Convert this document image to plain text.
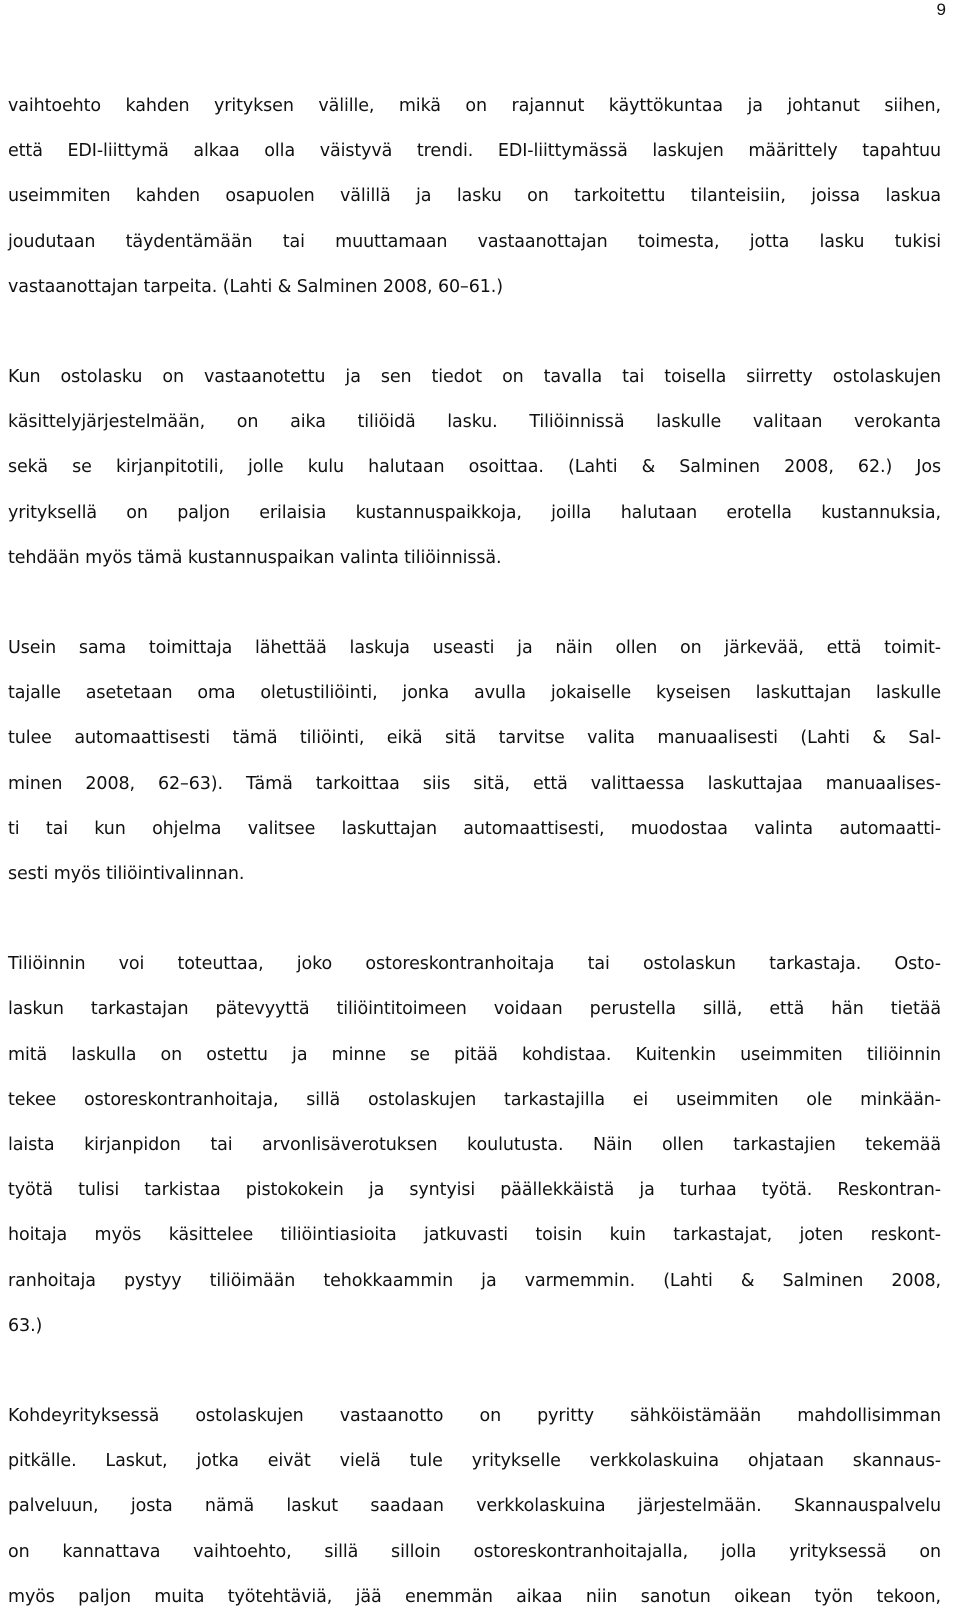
9
vaihtoehto kahden yrityksen välille, mikä on rajannut käyttökuntaa ja johtanut siihen,
että EDI-liittymä alkaa olla väistyvä trendi. EDI-liittymässä laskujen määrittely tapahtuu
useimmiten kahden osapuolen välillä ja lasku on tarkoitettu tilanteisiin, joissa laskua
joudutaan täydentämään tai muuttamaan vastaanottajan toimesta, jotta lasku tukisi
vastaanottajan tarpeita. (Lahti & Salminen 2008, 60–61.)
Kun ostolasku on vastaanotettu ja sen tiedot on tavalla tai toisella siirretty ostolaskujen
käsittelyjärjestelmään, on aika tiliöidä lasku. Tiliöinnissä laskulle valitaan verokanta
sekä se kirjanpitotili, jolle kulu halutaan osoittaa. (Lahti & Salminen 2008, 62.) Jos
yrityksellä on paljon erilaisia kustannuspaikkoja, joilla halutaan erotella kustannuksia,
tehdään myös tämä kustannuspaikan valinta tiliöinnissä.
Usein sama toimittaja lähettää laskuja useasti ja näin ollen on järkevää, että toimit-
tajalle asetetaan oma oletustiliöinti, jonka avulla jokaiselle kyseisen laskuttajan laskulle
tulee automaattisesti tämä tiliöinti, eikä sitä tarvitse valita manuaalisesti (Lahti & Sal-
minen 2008, 62–63). Tämä tarkoittaa siis sitä, että valittaessa laskuttajaa manuaalises-
ti tai kun ohjelma valitsee laskuttajan automaattisesti, muodostaa valinta automaatti-
sesti myös tiliöintivalinnan.
Tiliöinnin voi toteuttaa, joko ostoreskontranhoitaja tai ostolaskun tarkastaja. Osto-
laskun tarkastajan pätevyyttä tiliöintitoimeen voidaan perustella sillä, että hän tietää
mitä laskulla on ostettu ja minne se pitää kohdistaa. Kuitenkin useimmiten tiliöinnin
tekee ostoreskontranhoitaja, sillä ostolaskujen tarkastajilla ei useimmiten ole minkään-
laista kirjanpidon tai arvonlisäverotuksen koulutusta. Näin ollen tarkastajien tekemää
työtä tulisi tarkistaa pistokokein ja syntyisi päällekkäistä ja turhaa työtä. Reskontran-
hoitaja myös käsittelee tiliöintiasioita jatkuvasti toisin kuin tarkastajat, joten reskont-
ranhoitaja pystyy tiliöimään tehokkaammin ja varmemmin. (Lahti & Salminen 2008,
63.)
Kohdeyrityksessä ostolaskujen vastaanotto on pyritty sähköistämään mahdollisimman
pitkälle. Laskut, jotka eivät vielä tule yritykselle verkkolaskuina ohjataan skannaus-
palveluun, josta nämä laskut saadaan verkkolaskuina järjestelmään. Skannauspalvelu
on kannattava vaihtoehto, sillä silloin ostoreskontranhoitajalla, jolla yrityksessä on
myös paljon muita työtehtäviä, jää enemmän aikaa niin sanotun oikean työn tekoon,
